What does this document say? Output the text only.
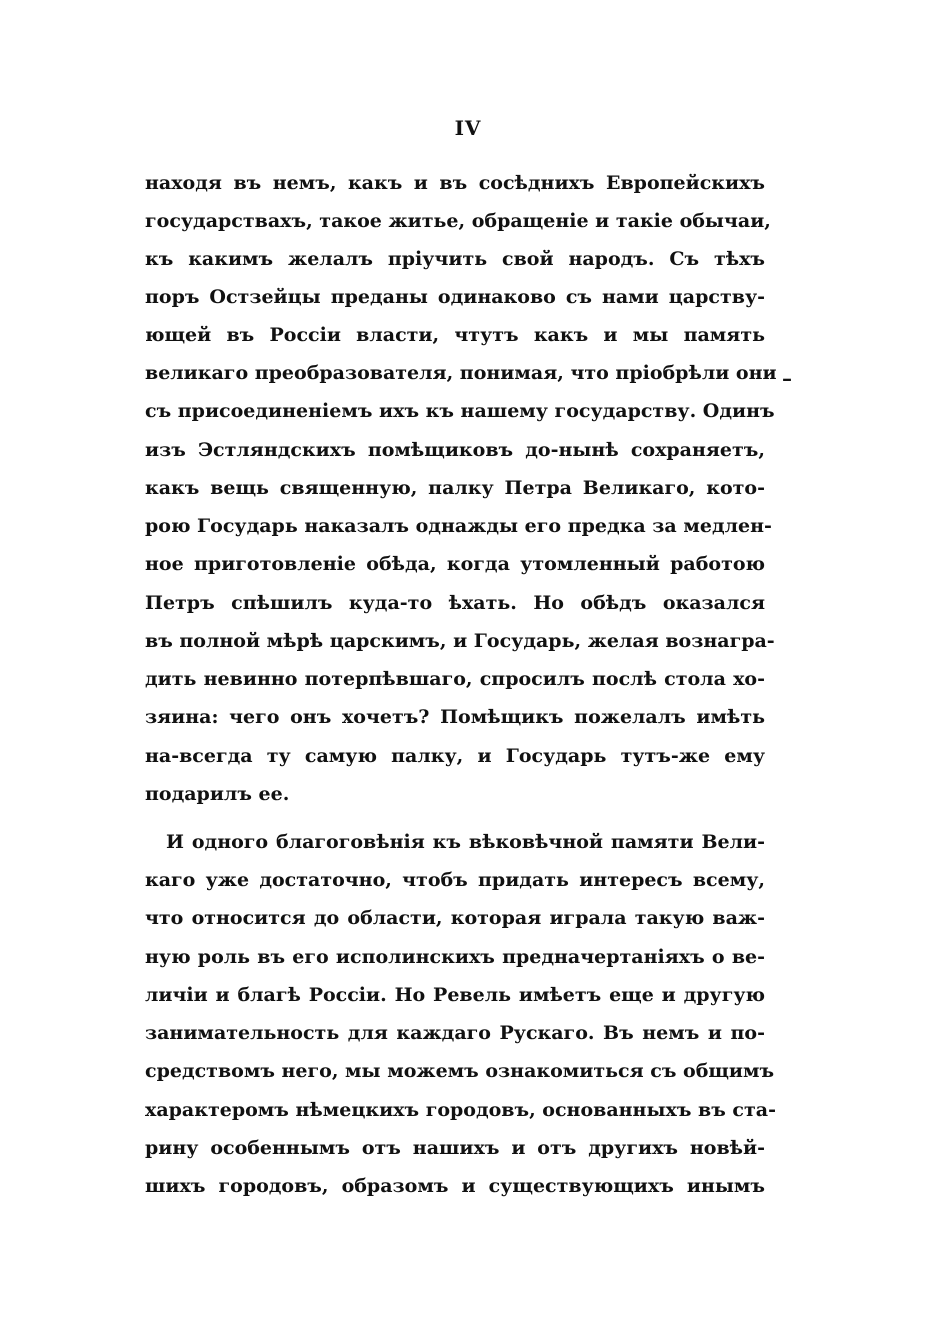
IV
–
находя въ немъ, какъ и въ сосѣднихъ Европейскихъ
государствахъ, такое житье, обращеніе и такіе обычаи,
къ какимъ желалъ пріучить свой народъ. Съ тѣхъ
поръ Остзейцы преданы одинаково съ нами царству-
ющей въ Россіи власти, чтутъ какъ и мы память
великаго преобразователя, понимая, что пріобрѣли они
съ присоединеніемъ ихъ къ нашему государству. Одинъ
изъ Эстляндскихъ помѣщиковъ до-нынѣ сохраняетъ,
какъ вещь священную, палку Петра Великаго, кото-
рою Государь наказалъ однажды его предка за медлен-
ное приготовленіе обѣда, когда утомленный работою
Петръ спѣшилъ куда-то ѣхать. Но обѣдъ оказался
въ полной мѣрѣ царскимъ, и Государь, желая вознагра-
дить невинно потерпѣвшаго, спросилъ послѣ стола хо-
зяина: чего онъ хочетъ? Помѣщикъ пожелалъ имѣть
на-всегда ту самую палку, и Государь тутъ-же ему
подарилъ ее.
И одного благоговѣнія къ вѣковѣчной памяти Вели-
каго уже достаточно, чтобъ придать интересъ всему,
что относится до области, которая играла такую важ-
ную роль въ его исполинскихъ предначертаніяхъ о ве-
личіи и благѣ Россіи. Но Ревель имѣетъ еще и другую
занимательность для каждаго Рускаго. Въ немъ и по-
средствомъ него, мы можемъ ознакомиться съ общимъ
характеромъ нѣмецкихъ городовъ, основанныхъ въ ста-
рину особеннымъ отъ нашихъ и отъ другихъ новѣй-
шихъ городовъ, образомъ и существующихъ инымъ
